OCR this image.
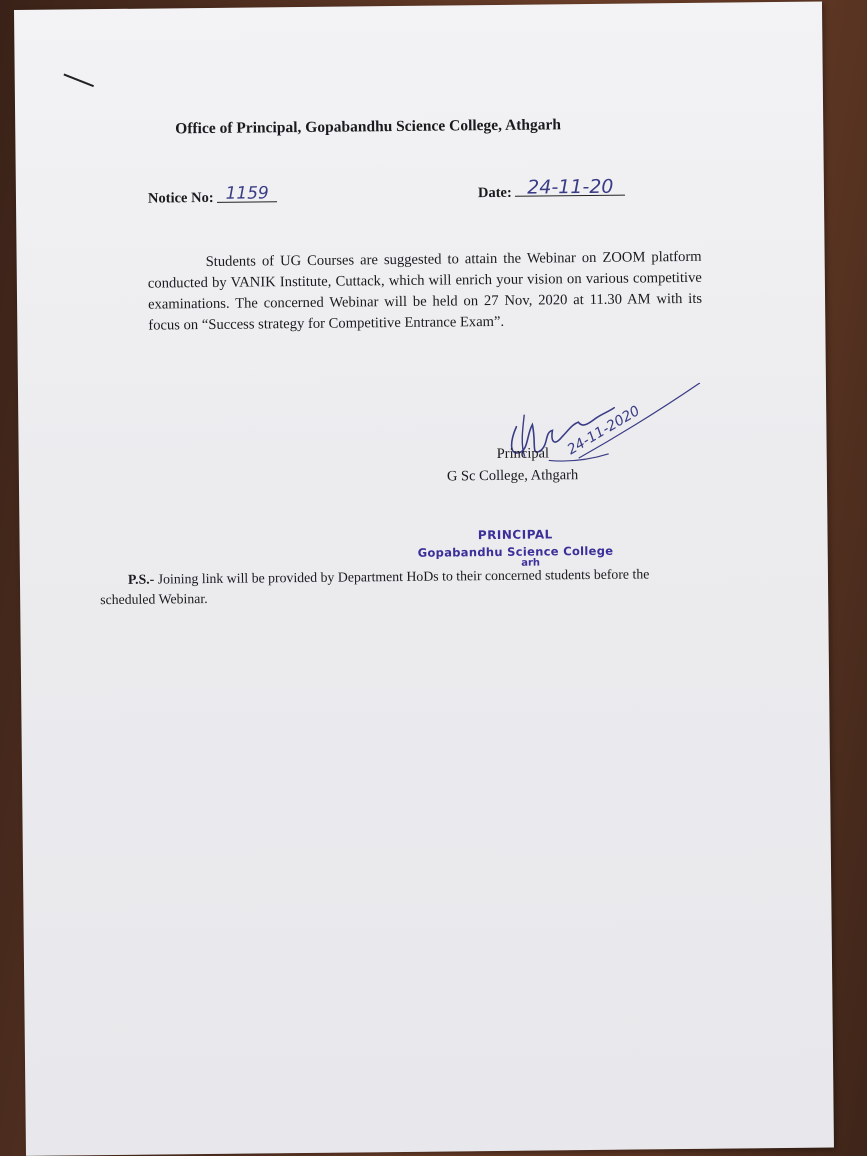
Office of Principal, Gopabandhu Science College, Athgarh
Notice No: 1159	Date: 24-11-20
Students of UG Courses are suggested to attain the Webinar on ZOOM platform conducted by VANIK Institute, Cuttack, which will enrich your vision on various competitive examinations. The concerned Webinar will be held on 27 Nov, 2020 at 11.30 AM with its focus on “Success strategy for Competitive Entrance Exam”.
Principal
G Sc College, Athgarh
24-11-2020
PRINCIPAL
Gopabandhu Science College
arh
P.S.- Joining link will be provided by Department HoDs to their concerned students before the scheduled Webinar.
